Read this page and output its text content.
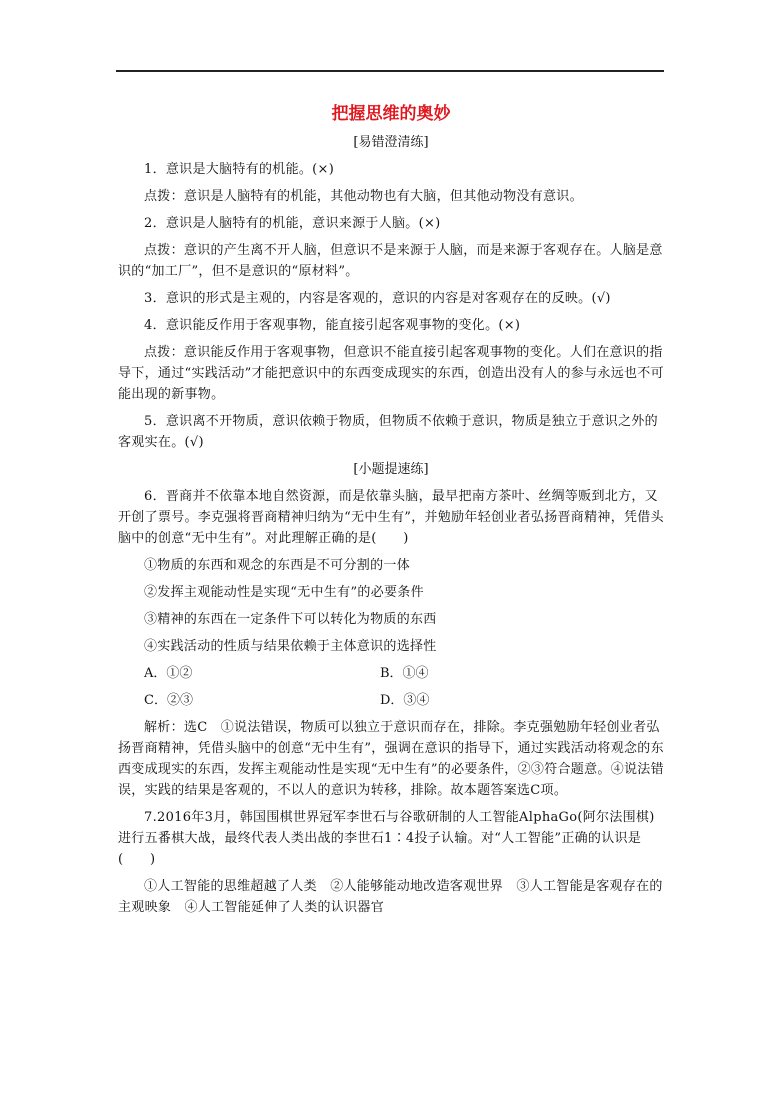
把握思维的奥妙
[易错澄清练]

1．意识是大脑特有的机能。(×)

点拨：意识是人脑特有的机能，其他动物也有大脑，但其他动物没有意识。

2．意识是人脑特有的机能，意识来源于人脑。(×)

点拨：意识的产生离不开人脑，但意识不是来源于人脑，而是来源于客观存在。人脑是意识的“加工厂”，但不是意识的“原材料”。

3．意识的形式是主观的，内容是客观的，意识的内容是对客观存在的反映。(√)

4．意识能反作用于客观事物，能直接引起客观事物的变化。(×)

点拨：意识能反作用于客观事物，但意识不能直接引起客观事物的变化。人们在意识的指导下，通过“实践活动”才能把意识中的东西变成现实的东西，创造出没有人的参与永远也不可能出现的新事物。

5．意识离不开物质，意识依赖于物质，但物质不依赖于意识，物质是独立于意识之外的客观实在。(√)

[小题提速练]

6．晋商并不依靠本地自然资源，而是依靠头脑，最早把南方茶叶、丝绸等贩到北方，又开创了票号。李克强将晋商精神归纳为“无中生有”，并勉励年轻创业者弘扬晋商精神，凭借头脑中的创意“无中生有”。对此理解正确的是(　　)

①物质的东西和观念的东西是不可分割的一体

②发挥主观能动性是实现“无中生有”的必要条件

③精神的东西在一定条件下可以转化为物质的东西

④实践活动的性质与结果依赖于主体意识的选择性

A．①②	B．①④
C．②③	D．③④

解析：选C　①说法错误，物质可以独立于意识而存在，排除。李克强勉励年轻创业者弘扬晋商精神，凭借头脑中的创意“无中生有”，强调在意识的指导下，通过实践活动将观念的东西变成现实的东西，发挥主观能动性是实现“无中生有”的必要条件，②③符合题意。④说法错误，实践的结果是客观的，不以人的意识为转移，排除。故本题答案选C项。

7.2016年3月，韩国围棋世界冠军李世石与谷歌研制的人工智能AlphaGo(阿尔法围棋)进行五番棋大战，最终代表人类出战的李世石1∶4投子认输。对“人工智能”正确的认识是(　　)

①人工智能的思维超越了人类　②人能够能动地改造客观世界　③人工智能是客观存在的主观映象　④人工智能延伸了人类的认识器官
